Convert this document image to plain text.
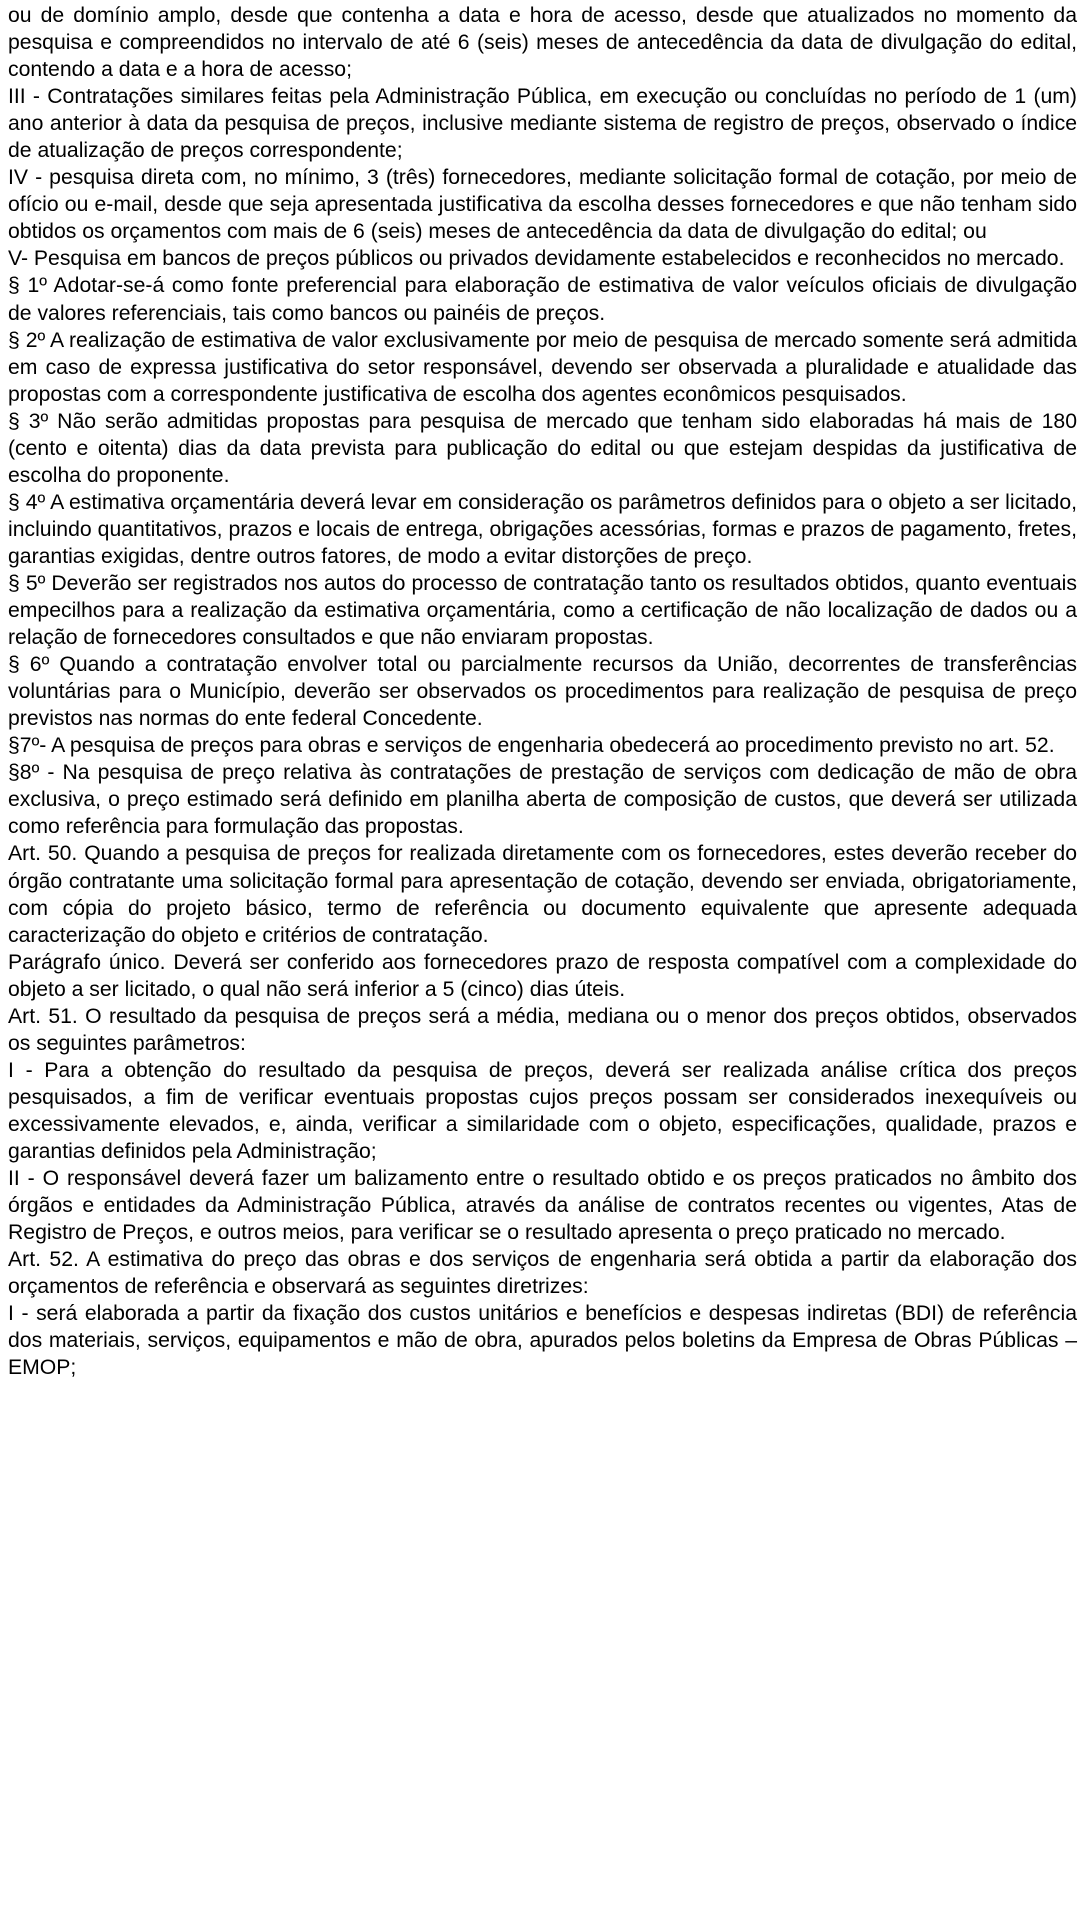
ou de domínio amplo, desde que contenha a data e hora de acesso, desde que atualizados no momento da pesquisa e compreendidos no intervalo de até 6 (seis) meses de antecedência da data de divulgação do edital, contendo a data e a hora de acesso;

III - Contratações similares feitas pela Administração Pública, em execução ou concluídas no período de 1 (um) ano anterior à data da pesquisa de preços, inclusive mediante sistema de registro de preços, observado o índice de atualização de preços correspondente;

IV - pesquisa direta com, no mínimo, 3 (três) fornecedores, mediante solicitação formal de cotação, por meio de ofício ou e-mail, desde que seja apresentada justificativa da escolha desses fornecedores e que não tenham sido obtidos os orçamentos com mais de 6 (seis) meses de antecedência da data de divulgação do edital; ou

V- Pesquisa em bancos de preços públicos ou privados devidamente estabelecidos e reconhecidos no mercado.

§ 1º Adotar-se-á como fonte preferencial para elaboração de estimativa de valor veículos oficiais de divulgação de valores referenciais, tais como bancos ou painéis de preços.

§ 2º A realização de estimativa de valor exclusivamente por meio de pesquisa de mercado somente será admitida em caso de expressa justificativa do setor responsável, devendo ser observada a pluralidade e atualidade das propostas com a correspondente justificativa de escolha dos agentes econômicos pesquisados.

§ 3º Não serão admitidas propostas para pesquisa de mercado que tenham sido elaboradas há mais de 180 (cento e oitenta) dias da data prevista para publicação do edital ou que estejam despidas da justificativa de escolha do proponente.

§ 4º A estimativa orçamentária deverá levar em consideração os parâmetros definidos para o objeto a ser licitado, incluindo quantitativos, prazos e locais de entrega, obrigações acessórias, formas e prazos de pagamento, fretes, garantias exigidas, dentre outros fatores, de modo a evitar distorções de preço.

§ 5º Deverão ser registrados nos autos do processo de contratação tanto os resultados obtidos, quanto eventuais empecilhos para a realização da estimativa orçamentária, como a certificação de não localização de dados ou a relação de fornecedores consultados e que não enviaram propostas.

§ 6º Quando a contratação envolver total ou parcialmente recursos da União, decorrentes de transferências voluntárias para o Município, deverão ser observados os procedimentos para realização de pesquisa de preço previstos nas normas do ente federal Concedente.

§7º- A pesquisa de preços para obras e serviços de engenharia obedecerá ao procedimento previsto no art. 52.

§8º - Na pesquisa de preço relativa às contratações de prestação de serviços com dedicação de mão de obra exclusiva, o preço estimado será definido em planilha aberta de composição de custos, que deverá ser utilizada como referência para formulação das propostas.

Art. 50. Quando a pesquisa de preços for realizada diretamente com os fornecedores, estes deverão receber do órgão contratante uma solicitação formal para apresentação de cotação, devendo ser enviada, obrigatoriamente, com cópia do projeto básico, termo de referência ou documento equivalente que apresente adequada caracterização do objeto e critérios de contratação.

Parágrafo único. Deverá ser conferido aos fornecedores prazo de resposta compatível com a complexidade do objeto a ser licitado, o qual não será inferior a 5 (cinco) dias úteis.

Art. 51. O resultado da pesquisa de preços será a média, mediana ou o menor dos preços obtidos, observados os seguintes parâmetros:

I - Para a obtenção do resultado da pesquisa de preços, deverá ser realizada análise crítica dos preços pesquisados, a fim de verificar eventuais propostas cujos preços possam ser considerados inexequíveis ou excessivamente elevados, e, ainda, verificar a similaridade com o objeto, especificações, qualidade, prazos e garantias definidos pela Administração;

II - O responsável deverá fazer um balizamento entre o resultado obtido e os preços praticados no âmbito dos órgãos e entidades da Administração Pública, através da análise de contratos recentes ou vigentes, Atas de Registro de Preços, e outros meios, para verificar se o resultado apresenta o preço praticado no mercado.

Art. 52. A estimativa do preço das obras e dos serviços de engenharia será obtida a partir da elaboração dos orçamentos de referência e observará as seguintes diretrizes:

I - será elaborada a partir da fixação dos custos unitários e benefícios e despesas indiretas (BDI) de referência dos materiais, serviços, equipamentos e mão de obra, apurados pelos boletins da Empresa de Obras Públicas – EMOP;
